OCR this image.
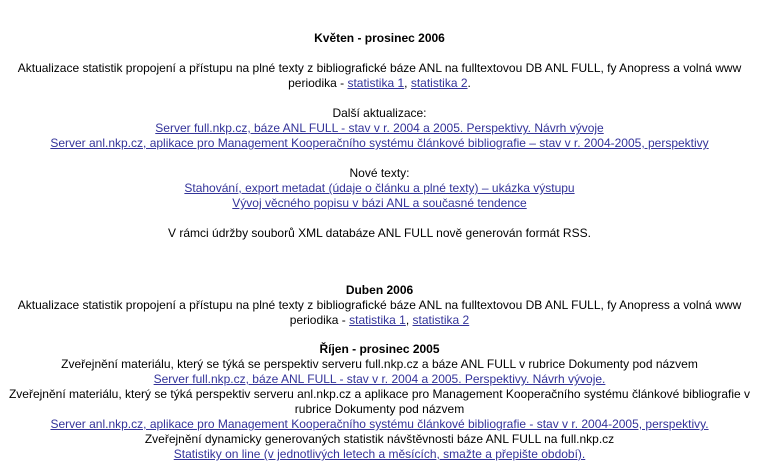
Květen - prosinec 2006

Aktualizace statistik propojení a přístupu na plné texty z bibliografické báze ANL na fulltextovou DB ANL FULL, fy Anopress a volná www

periodika - statistika 1, statistika 2.

Další aktualizace:

Server full.nkp.cz, báze ANL FULL - stav v r. 2004 a 2005. Perspektivy. Návrh vývoje

Server anl.nkp.cz, aplikace pro Management Kooperačního systému článkové bibliografie – stav v r. 2004-2005, perspektivy

Nové texty:

Stahování, export metadat (údaje o článku a plné texty) – ukázka výstupu

Vývoj věcného popisu v bázi ANL a současné tendence

V rámci údržby souborů XML databáze ANL FULL nově generován formát RSS.

Duben 2006

Aktualizace statistik propojení a přístupu na plné texty z bibliografické báze ANL na fulltextovou DB ANL FULL, fy Anopress a volná www

periodika - statistika 1, statistika 2

Říjen - prosinec 2005

Zveřejnění materiálu, který se týká se perspektiv serveru full.nkp.cz a báze ANL FULL v rubrice Dokumenty pod názvem

Server full.nkp.cz, báze ANL FULL - stav v r. 2004 a 2005. Perspektivy. Návrh vývoje.

Zveřejnění materiálu, který se týká perspektiv serveru anl.nkp.cz a aplikace pro Management Kooperačního systému článkové bibliografie v

rubrice Dokumenty pod názvem

Server anl.nkp.cz, aplikace pro Management Kooperačního systému článkové bibliografie - stav v r. 2004-2005, perspektivy.

Zveřejnění dynamicky generovaných statistik návštěvnosti báze ANL FULL na full.nkp.cz

Statistiky on line (v jednotlivých letech a měsících, smažte a přepište období).
